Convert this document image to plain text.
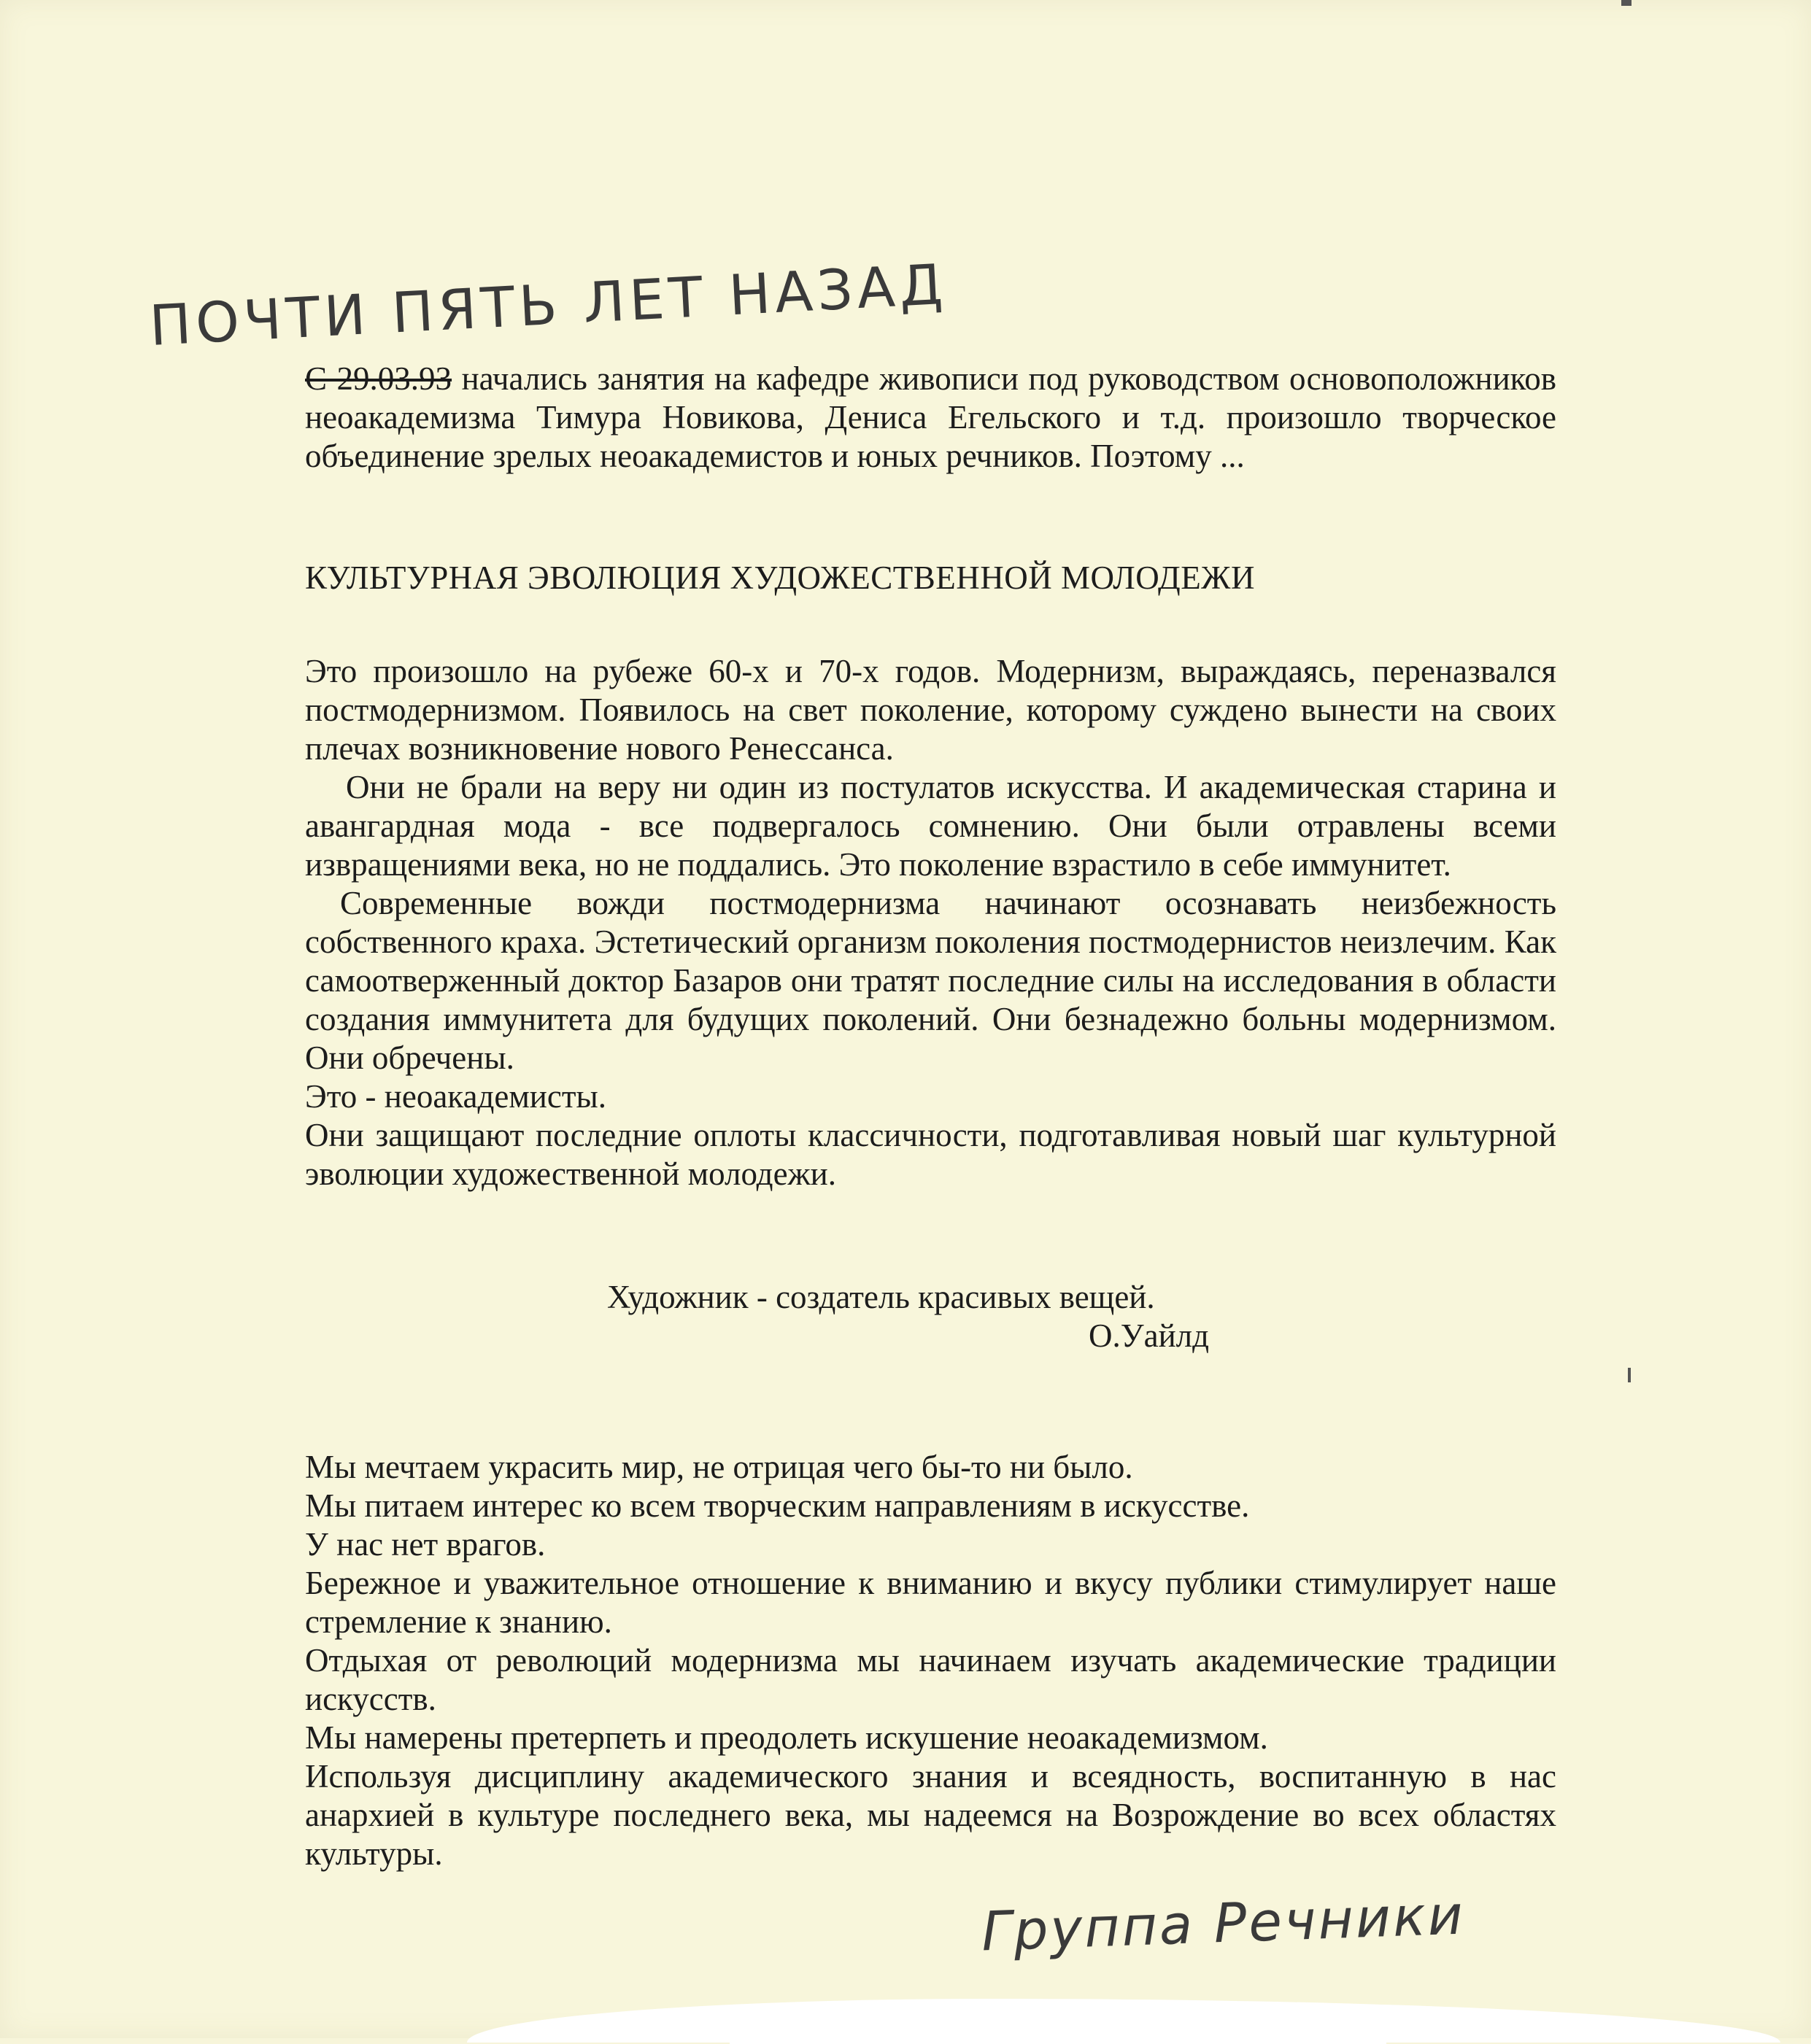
ПОЧТИ ПЯТЬ ЛЕТ НАЗАД

С 29.03.93 начались занятия на кафедре живописи под руководством основоположников неоакадемизма Тимура Новикова, Дениса Егельского и т.д. произошло творческое объединение зрелых неоакадемистов и юных речников. Поэтому ...

КУЛЬТУРНАЯ ЭВОЛЮЦИЯ ХУДОЖЕСТВЕННОЙ МОЛОДЕЖИ

Это произошло на рубеже 60-х и 70-х годов. Модернизм, выраждаясь, переназвался постмодернизмом. Появилось на свет поколение, которому суждено вынести на своих плечах возникновение нового Ренессанса.

Они не брали на веру ни один из постулатов искусства. И академическая старина и авангардная мода - все подвергалось сомнению. Они были отравлены всеми извращениями века, но не поддались. Это поколение взрастило в себе иммунитет.

Современные вожди постмодернизма начинают осознавать неизбежность собственного краха. Эстетический организм поколения постмодернистов неизлечим. Как самоотверженный доктор Базаров они тратят последние силы на исследования в области создания иммунитета для будущих поколений. Они безнадежно больны модернизмом. Они обречены.

Это - неоакадемисты.

Они защищают последние оплоты классичности, подготавливая новый шаг культурной эволюции художественной молодежи.

Художник - создатель красивых вещей.
О.Уайлд

Мы мечтаем украсить мир, не отрицая чего бы-то ни было.

Мы питаем интерес ко всем творческим направлениям в искусстве.

У нас нет врагов.

Бережное и уважительное отношение к вниманию и вкусу публики стимулирует наше стремление к знанию.

Отдыхая от революций модернизма мы начинаем изучать академические традиции искусств.

Мы намерены претерпеть и преодолеть искушение неоакадемизмом.

Используя дисциплину академического знания и всеядность, воспитанную в нас анархией в культуре последнего века, мы надеемся на Возрождение во всех областях культуры.

Группа Речники
